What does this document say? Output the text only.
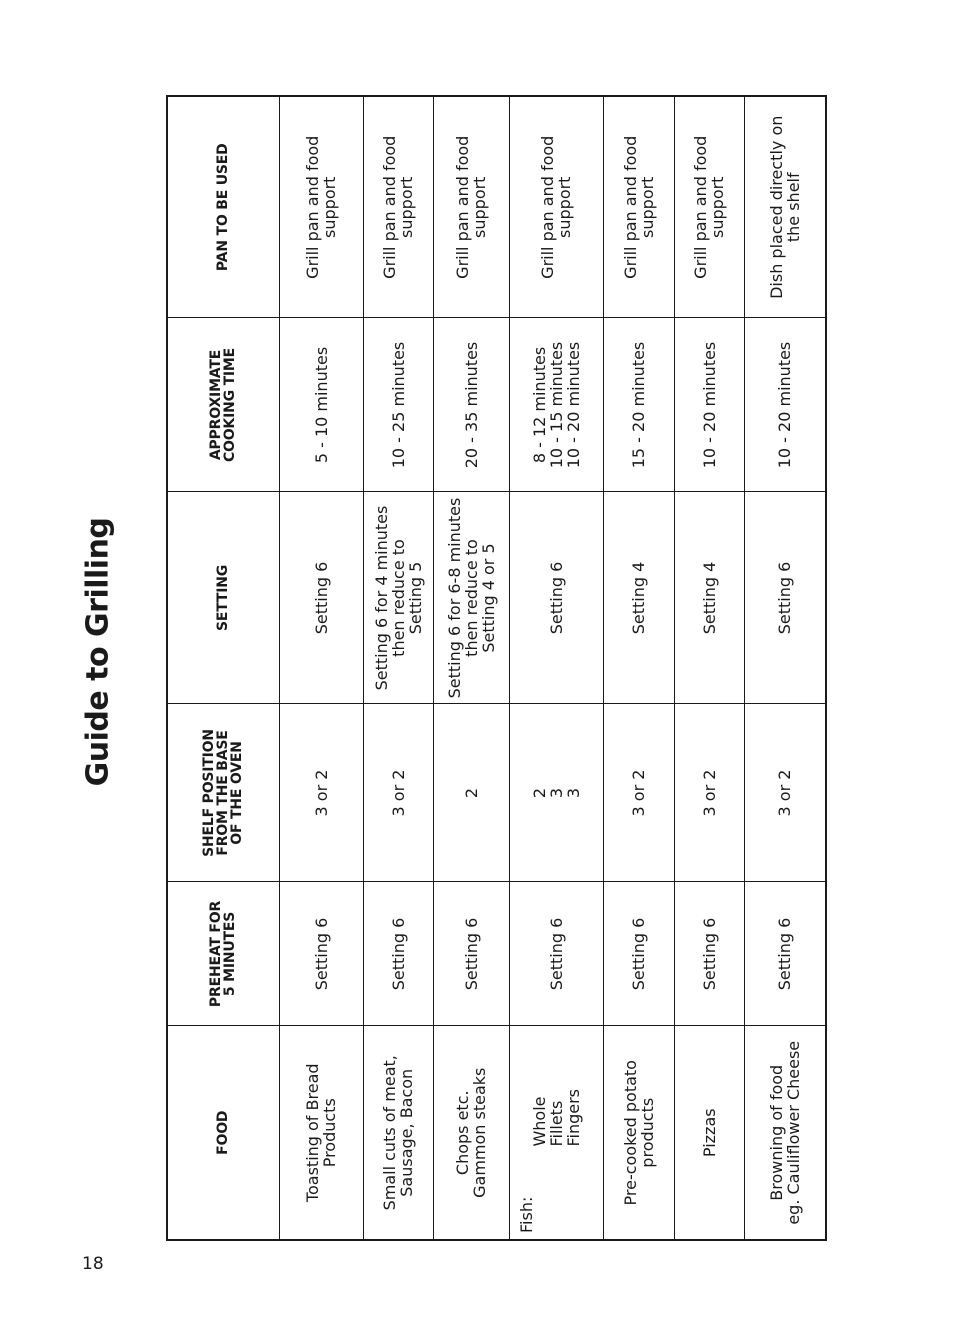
Guide to Grilling
18
FOOD	PREHEAT FOR
5 MINUTES	SHELF POSITION
FROM THE BASE
OF THE OVEN	SETTING	APPROXIMATE
COOKING TIME	PAN TO BE USED

Toasting of Bread
Products	Setting 6	3 or 2	Setting 6	5 - 10 minutes	Grill pan and food
support

Small cuts of meat,
Sausage, Bacon	Setting 6	3 or 2	Setting 6 for 4 minutes
then reduce to
Setting 5	10 - 25 minutes	Grill pan and food
support

Chops etc.
Gammon steaks	Setting 6	2	Setting 6 for 6-8 minutes
then reduce to
Setting 4 or 5	20 - 35 minutes	Grill pan and food
support

Fish:
Whole
Fillets
Fingers	Setting 6	2
3
3	Setting 6	8 - 12 minutes
10 - 15 minutes
10 - 20 minutes	Grill pan and food
support

Pre-cooked potato
products	Setting 6	3 or 2	Setting 4	15 - 20 minutes	Grill pan and food
support

Pizzas	Setting 6	3 or 2	Setting 4	10 - 20 minutes	Grill pan and food
support

Browning of food
eg. Cauliflower Cheese	Setting 6	3 or 2	Setting 6	10 - 20 minutes	Dish placed directly on
the shelf
